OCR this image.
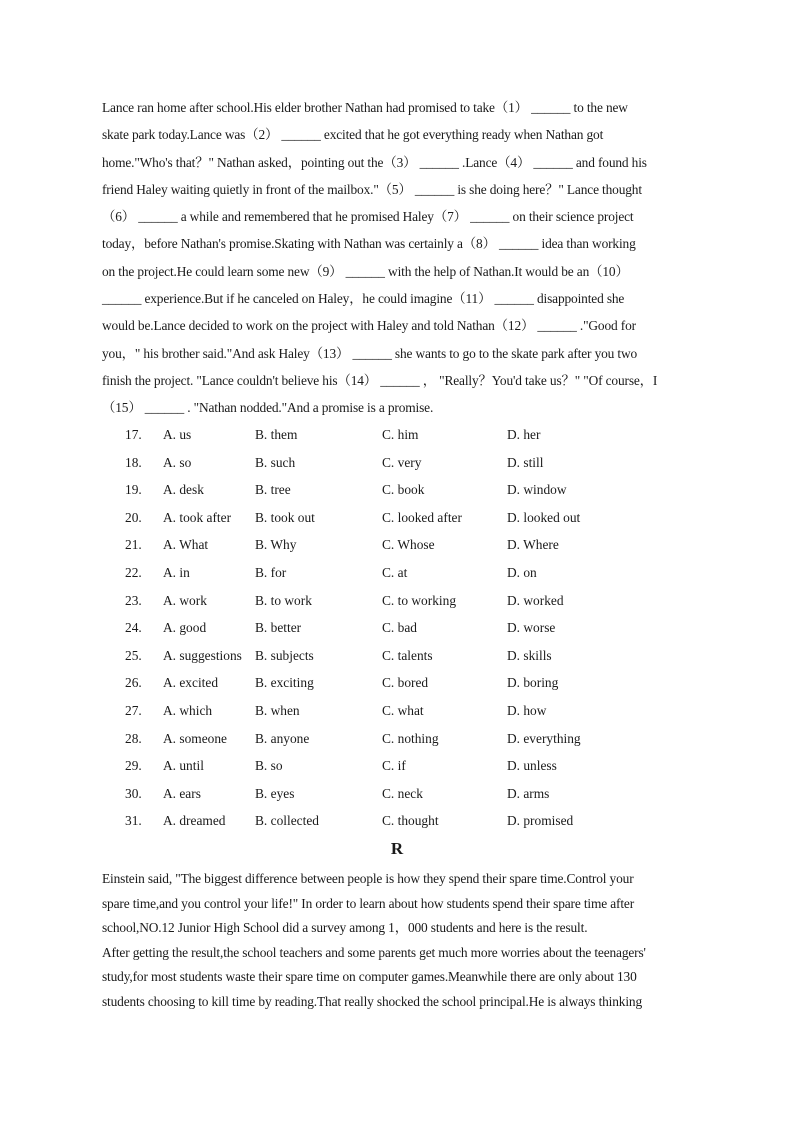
Lance ran home after school.His elder brother Nathan had promised to take（1） ______ to the new
skate park today.Lance was（2） ______ excited that he got everything ready when Nathan got
home."Who's that？" Nathan asked，pointing out the（3） ______ .Lance（4） ______ and found his
friend Haley waiting quietly in front of the mailbox."（5） ______ is she doing here？" Lance thought
（6） ______ a while and remembered that he promised Haley（7） ______ on their science project
today，before Nathan's promise.Skating with Nathan was certainly a（8） ______ idea than working
on the project.He could learn some new（9） ______ with the help of Nathan.It would be an（10）
______ experience.But if he canceled on Haley，he could imagine（11） ______ disappointed she
would be.Lance decided to work on the project with Haley and told Nathan（12） ______ ."Good for
you，" his brother said."And ask Haley（13） ______ she wants to go to the skate park after you two
finish the project. "Lance couldn't believe his（14） ______ ， "Really？You'd take us？" "Of course，I
（15） ______ . "Nathan nodded."And a promise is a promise.
17.	A. us	B. them	C. him	D. her
18.	A. so	B. such	C. very	D. still
19.	A. desk	B. tree	C. book	D. window
20.	A. took after B. took out	C. looked after	D. looked out
21.	A. What	B. Why	C. Whose	D. Where
22.	A. in	B. for	C. at	D. on
23.	A. work	B. to work	C. to working	D. worked
24.	A. good	B. better	C. bad	D. worse
25.	A. suggestions B. subjects	C. talents	D. skills
26.	A. excited	B. exciting	C. bored	D. boring
27.	A. which	B. when	C. what	D. how
28.	A. someone B. anyone	C. nothing	D. everything
29.	A. until	B. so	C. if	D. unless
30.	A. ears	B. eyes	C. neck	D. arms
31.	A. dreamed B. collected	C. thought	D. promised
R
Einstein said, "The biggest difference between people is how they spend their spare time.Control your
spare time,and you control your life!" In order to learn about how students spend their spare time after
school,NO.12 Junior High School did a survey among 1，000 students and here is the result.
After getting the result,the school teachers and some parents get much more worries about the teenagers'
study,for most students waste their spare time on computer games.Meanwhile there are only about 130
students choosing to kill time by reading.That really shocked the school principal.He is always thinking
